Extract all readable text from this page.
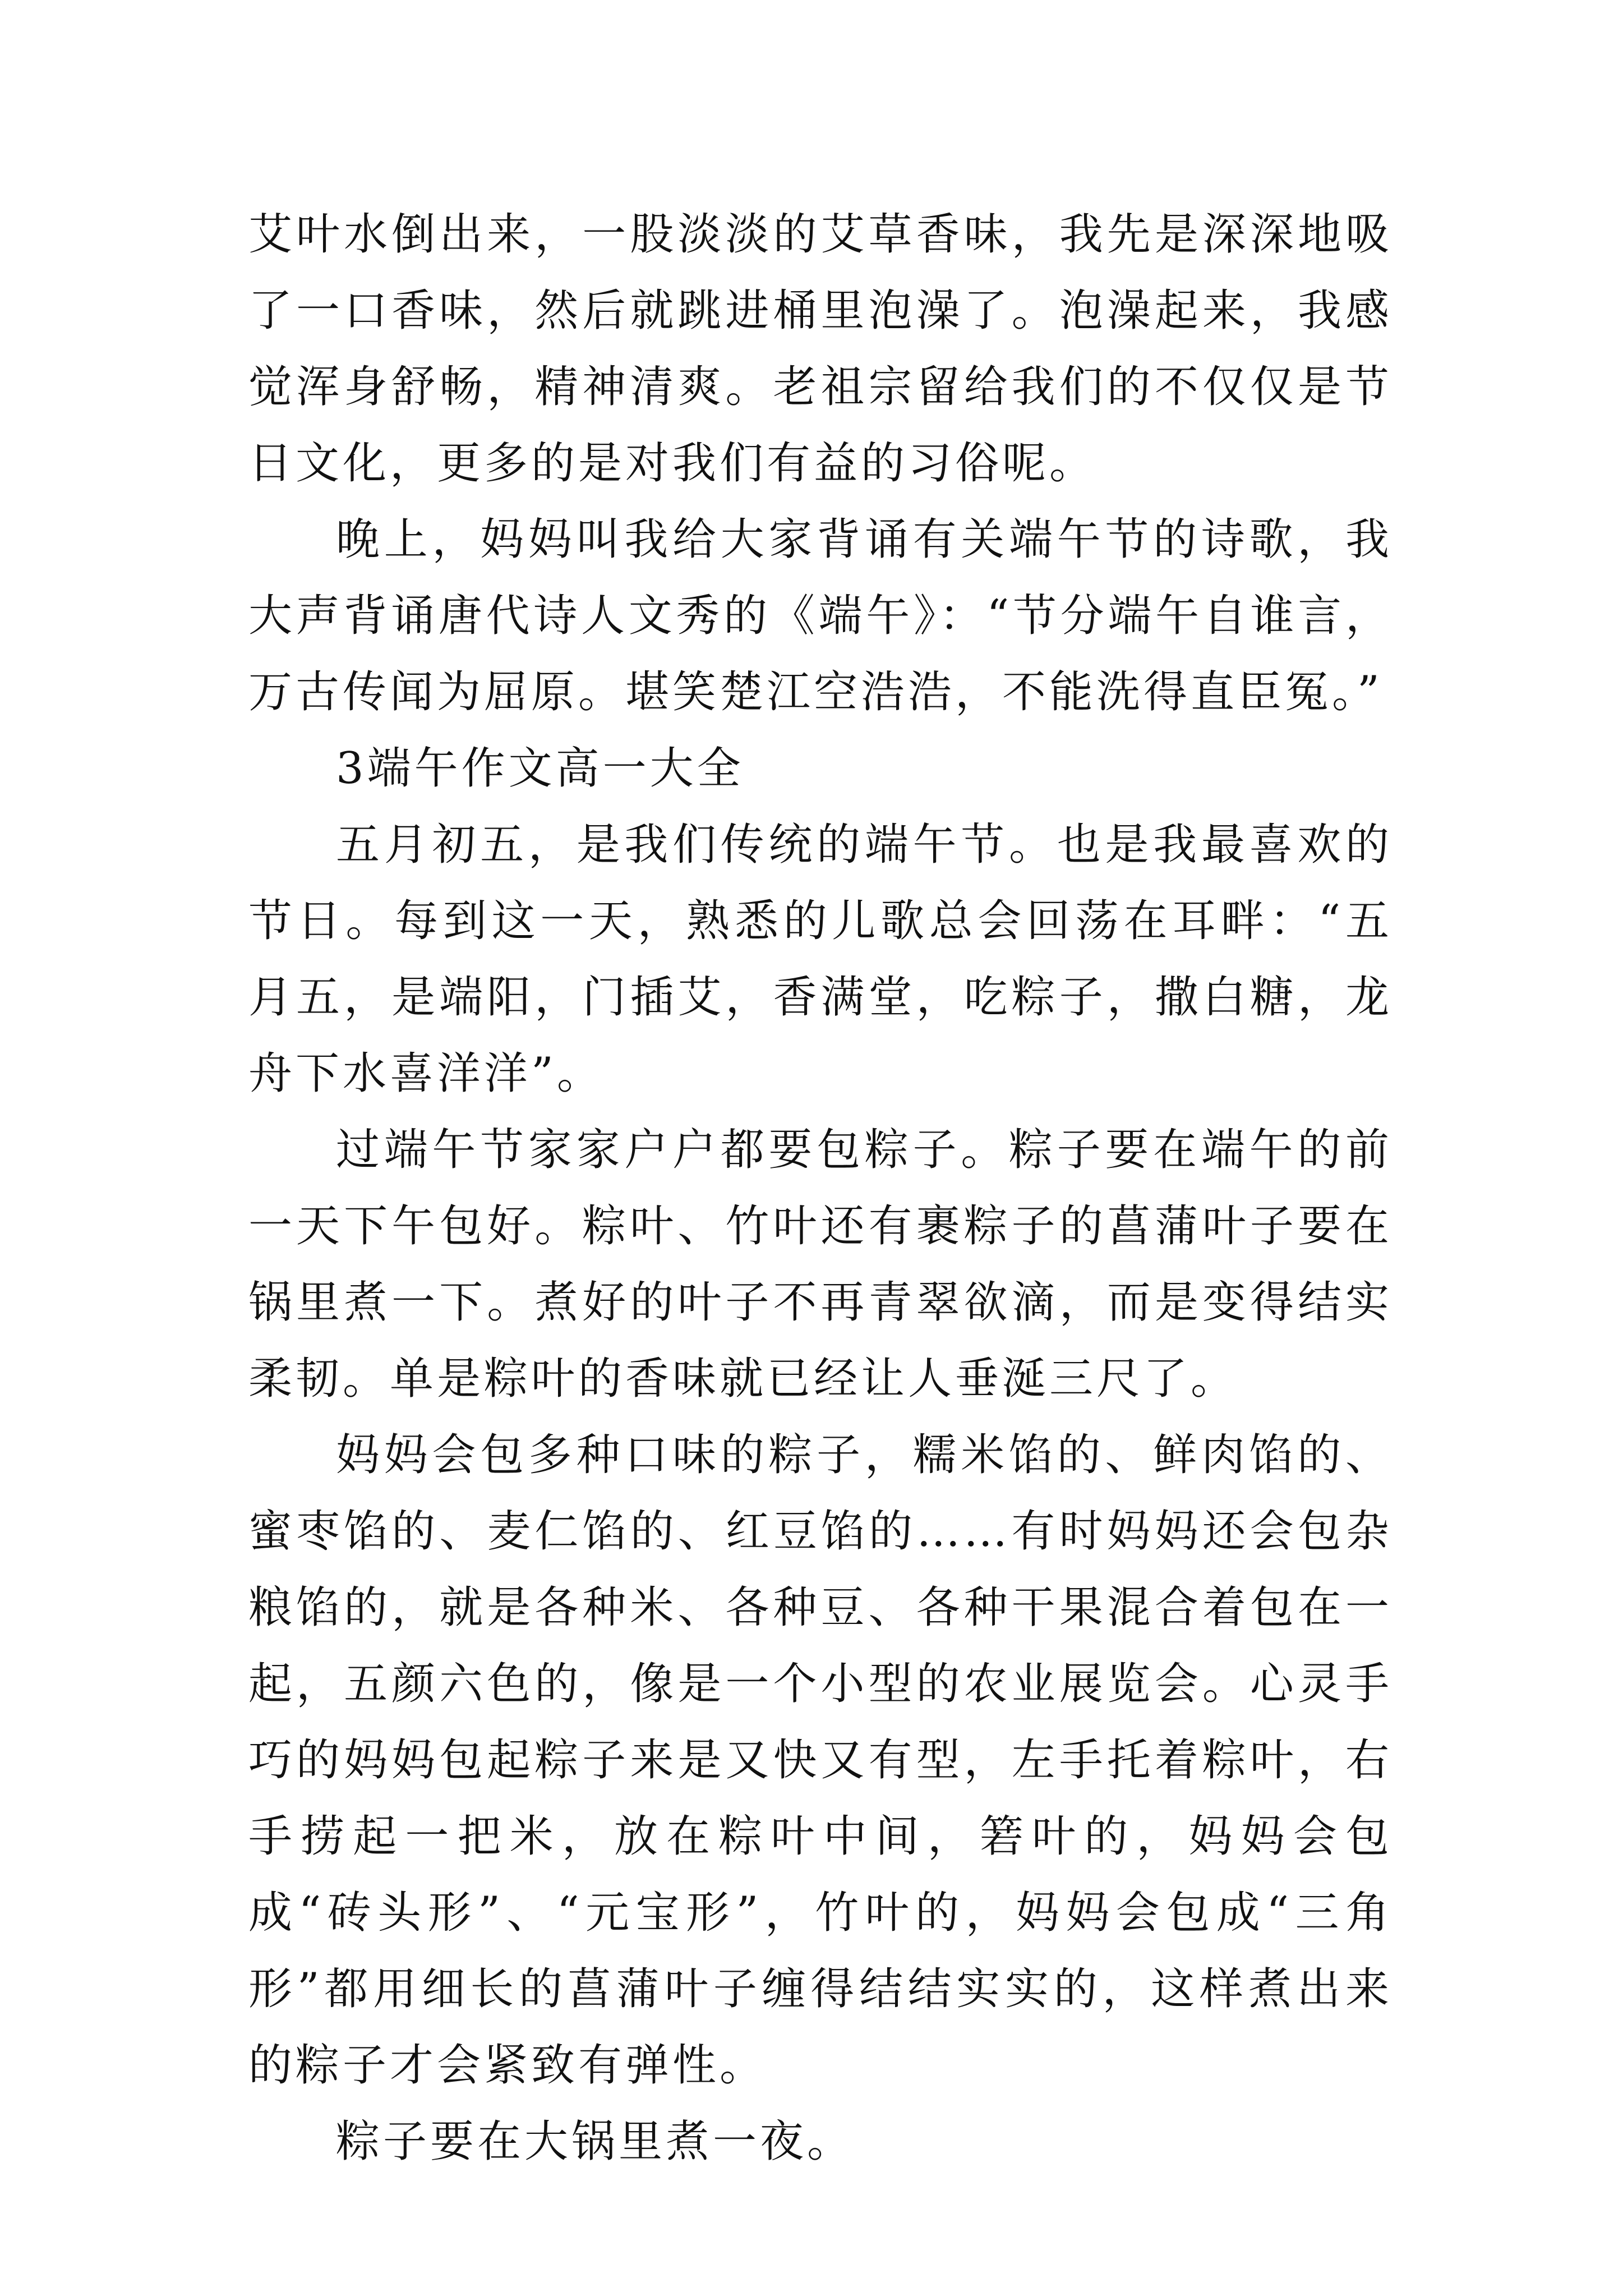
艾叶水倒出来，一股淡淡的艾草香味，我先是深深地吸了一口香味，然后就跳进桶里泡澡了。泡澡起来，我感觉浑身舒畅，精神清爽。老祖宗留给我们的不仅仅是节日文化，更多的是对我们有益的习俗呢。

晚上，妈妈叫我给大家背诵有关端午节的诗歌，我大声背诵唐代诗人文秀的《端午》：“节分端午自谁言，万古传闻为屈原。堪笑楚江空浩浩，不能洗得直臣冤。”

3端午作文高一大全

五月初五，是我们传统的端午节。也是我最喜欢的节日。每到这一天，熟悉的儿歌总会回荡在耳畔：“五月五，是端阳，门插艾，香满堂，吃粽子，撒白糖，龙舟下水喜洋洋”。

过端午节家家户户都要包粽子。粽子要在端午的前一天下午包好。粽叶、竹叶还有裹粽子的菖蒲叶子要在锅里煮一下。煮好的叶子不再青翠欲滴，而是变得结实柔韧。单是粽叶的香味就已经让人垂涎三尺了。

妈妈会包多种口味的粽子，糯米馅的、鲜肉馅的、蜜枣馅的、麦仁馅的、红豆馅的……有时妈妈还会包杂粮馅的，就是各种米、各种豆、各种干果混合着包在一起，五颜六色的，像是一个小型的农业展览会。心灵手巧的妈妈包起粽子来是又快又有型，左手托着粽叶，右手捞起一把米，放在粽叶中间，箬叶的，妈妈会包成“砖头形”、“元宝形”，竹叶的，妈妈会包成“三角形”都用细长的菖蒲叶子缠得结结实实的，这样煮出来的粽子才会紧致有弹性。

粽子要在大锅里煮一夜。
